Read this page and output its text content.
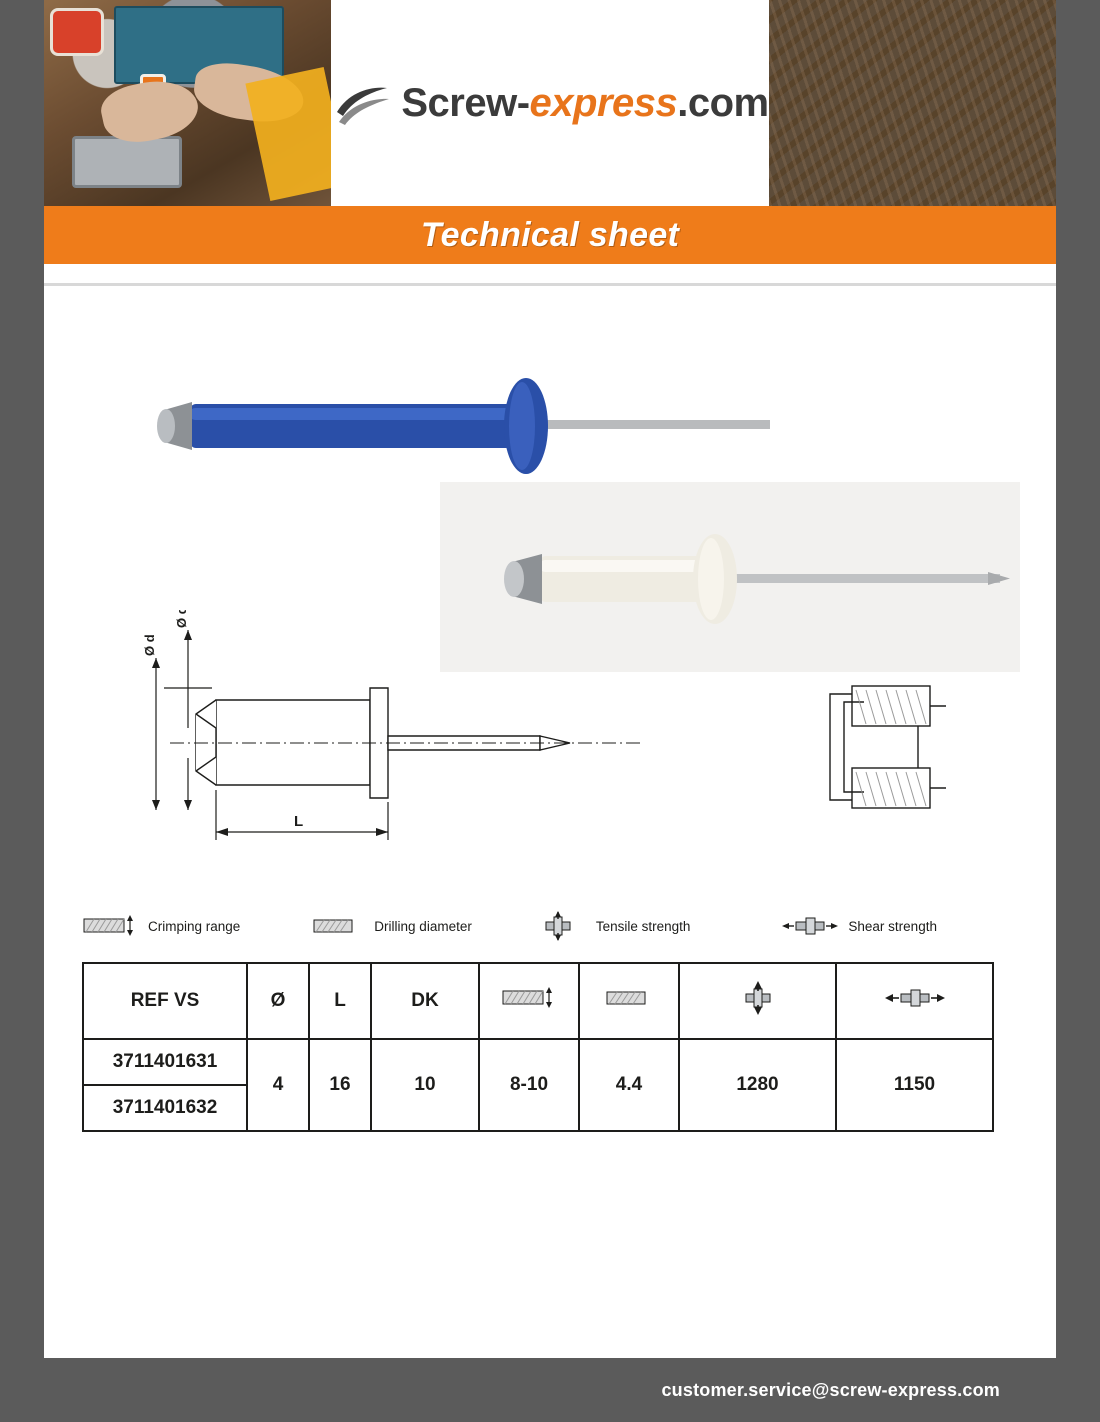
Screw-express.com
Technical sheet
Ø dk
Ø d
L
Crimping range	Drilling diameter	Tensile strength	Shear strength
REF VS	Ø	L	DK	

3711401631	4	16	10	8-10	4.4	1280	1150
3711401632							
customer.service@screw-express.com
